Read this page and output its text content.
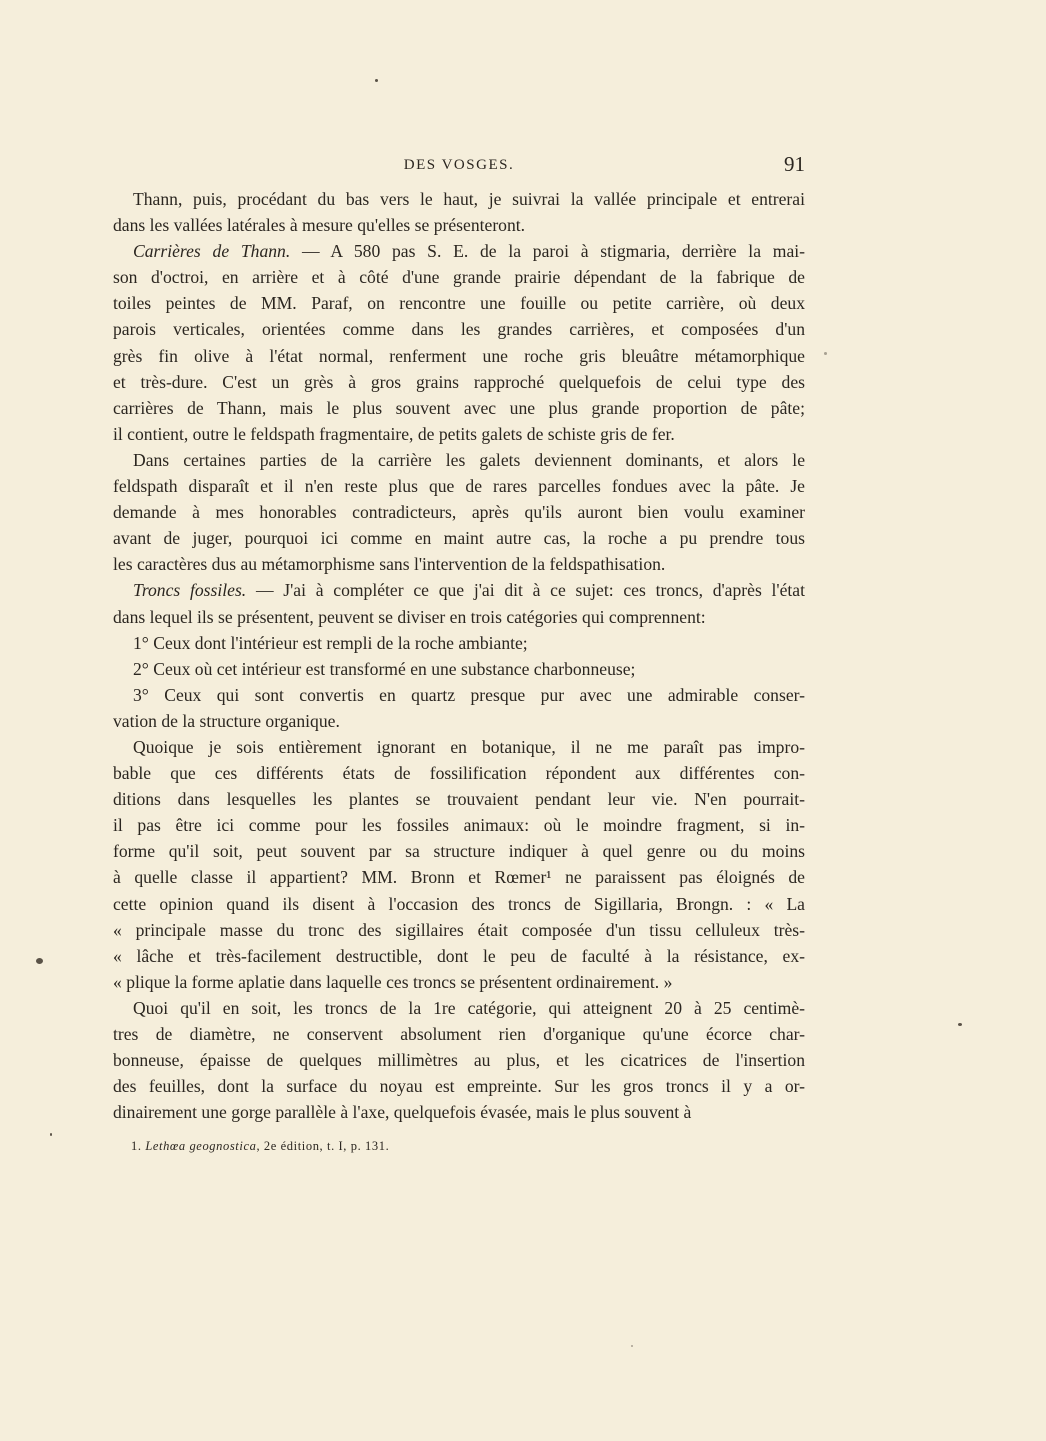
DES VOSGES.	91

Thann, puis, procédant du bas vers le haut, je suivrai la vallée principale et entrerai

dans les vallées latérales à mesure qu'elles se présenteront.

Carrières de Thann. — A 580 pas S. E. de la paroi à stigmaria, derrière la mai-

son d'octroi, en arrière et à côté d'une grande prairie dépendant de la fabrique de

toiles peintes de MM. Paraf, on rencontre une fouille ou petite carrière, où deux

parois verticales, orientées comme dans les grandes carrières, et composées d'un

grès fin olive à l'état normal, renferment une roche gris bleuâtre métamorphique

et très-dure. C'est un grès à gros grains rapproché quelquefois de celui type des

carrières de Thann, mais le plus souvent avec une plus grande proportion de pâte;

il contient, outre le feldspath fragmentaire, de petits galets de schiste gris de fer.

Dans certaines parties de la carrière les galets deviennent dominants, et alors le

feldspath disparaît et il n'en reste plus que de rares parcelles fondues avec la pâte. Je

demande à mes honorables contradicteurs, après qu'ils auront bien voulu examiner

avant de juger, pourquoi ici comme en maint autre cas, la roche a pu prendre tous

les caractères dus au métamorphisme sans l'intervention de la feldspathisation.

Troncs fossiles. — J'ai à compléter ce que j'ai dit à ce sujet: ces troncs, d'après l'état

dans lequel ils se présentent, peuvent se diviser en trois catégories qui comprennent:

1° Ceux dont l'intérieur est rempli de la roche ambiante;

2° Ceux où cet intérieur est transformé en une substance charbonneuse;

3° Ceux qui sont convertis en quartz presque pur avec une admirable conser-

vation de la structure organique.

Quoique je sois entièrement ignorant en botanique, il ne me paraît pas impro-

bable que ces différents états de fossilification répondent aux différentes con-

ditions dans lesquelles les plantes se trouvaient pendant leur vie. N'en pourrait-

il pas être ici comme pour les fossiles animaux: où le moindre fragment, si in-

forme qu'il soit, peut souvent par sa structure indiquer à quel genre ou du moins

à quelle classe il appartient? MM. Bronn et Rœmer¹ ne paraissent pas éloignés de

cette opinion quand ils disent à l'occasion des troncs de Sigillaria, Brongn. : « La

« principale masse du tronc des sigillaires était composée d'un tissu celluleux très-

« lâche et très-facilement destructible, dont le peu de faculté à la résistance, ex-

« plique la forme aplatie dans laquelle ces troncs se présentent ordinairement. »

Quoi qu'il en soit, les troncs de la 1re catégorie, qui atteignent 20 à 25 centimè-

tres de diamètre, ne conservent absolument rien d'organique qu'une écorce char-

bonneuse, épaisse de quelques millimètres au plus, et les cicatrices de l'insertion

des feuilles, dont la surface du noyau est empreinte. Sur les gros troncs il y a or-

dinairement une gorge parallèle à l'axe, quelquefois évasée, mais le plus souvent à

1. Lethœa geognostica, 2e édition, t. I, p. 131.
